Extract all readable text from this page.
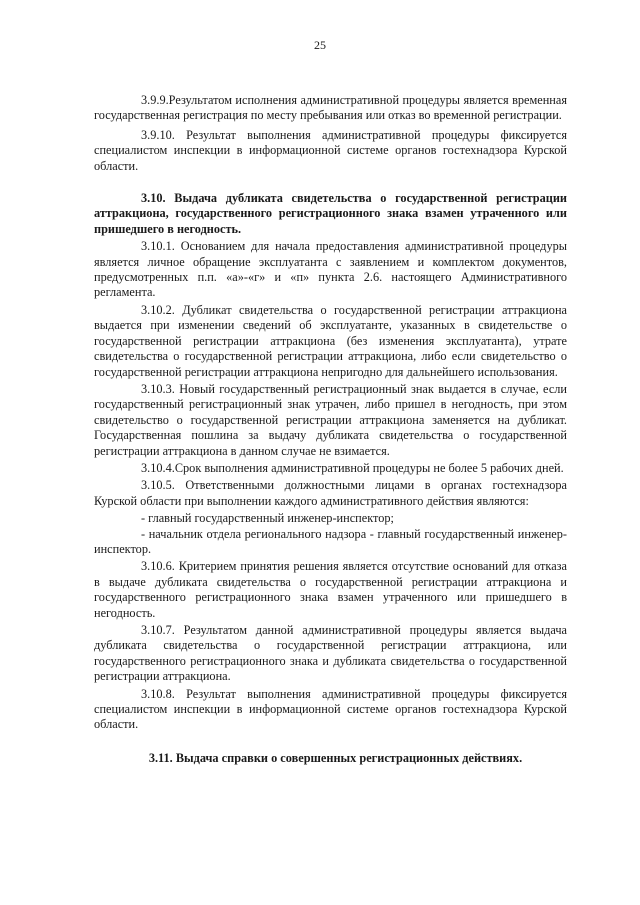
25

3.9.9.Результатом исполнения административной процедуры является временная государственная регистрация по месту пребывания или отказ во временной регистрации.

3.9.10. Результат выполнения административной процедуры фиксируется специалистом инспекции в информационной системе органов гостехнадзора Курской области.

3.10. Выдача дубликата свидетельства о государственной регистрации аттракциона, государственного регистрационного знака взамен утраченного или пришедшего в негодность.

3.10.1. Основанием для начала предоставления административной процедуры является личное обращение эксплуатанта с заявлением и комплектом документов, предусмотренных п.п. «а»-«г» и «п» пункта 2.6. настоящего Административного регламента.

3.10.2. Дубликат свидетельства о государственной регистрации аттракциона выдается при изменении сведений об эксплуатанте, указанных в свидетельстве о государственной регистрации аттракциона (без изменения эксплуатанта), утрате свидетельства о государственной регистрации аттракциона, либо если свидетельство о государственной регистрации аттракциона непригодно для дальнейшего использования.

3.10.3. Новый государственный регистрационный знак выдается в случае, если государственный регистрационный знак утрачен, либо пришел в негодность, при этом свидетельство о государственной регистрации аттракциона заменяется на дубликат. Государственная пошлина за выдачу дубликата свидетельства о государственной регистрации аттракциона в данном случае не взимается.

3.10.4.Срок выполнения административной процедуры не более 5 рабочих дней.

3.10.5. Ответственными должностными лицами в органах гостехнадзора Курской области при выполнении каждого административного действия являются:

- главный государственный инженер-инспектор;

- начальник отдела регионального надзора - главный государственный инженер-инспектор.

3.10.6. Критерием принятия решения является отсутствие оснований для отказа в выдаче дубликата свидетельства о государственной регистрации аттракциона и государственного регистрационного знака взамен утраченного или пришедшего в негодность.

3.10.7. Результатом данной административной процедуры является выдача дубликата свидетельства о государственной регистрации аттракциона, или государственного регистрационного знака и дубликата свидетельства о государственной регистрации аттракциона.

3.10.8. Результат выполнения административной процедуры фиксируется специалистом инспекции в информационной системе органов гостехнадзора Курской области.

3.11. Выдача справки о совершенных регистрационных действиях.
